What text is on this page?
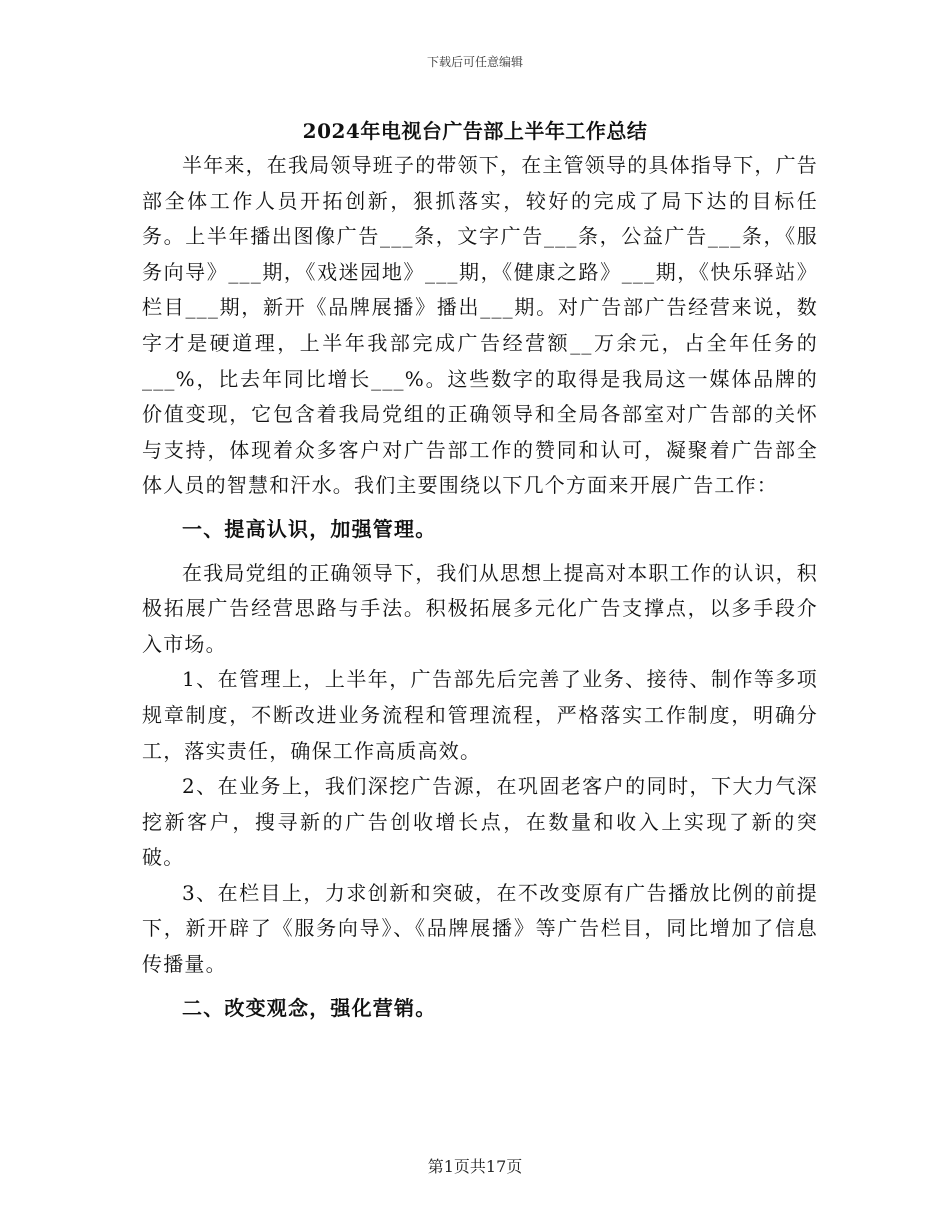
下载后可任意编辑
2024年电视台广告部上半年工作总结

半年来，在我局领导班子的带领下，在主管领导的具体指导下，广告部全体工作人员开拓创新，狠抓落实，较好的完成了局下达的目标任务。上半年播出图像广告___条，文字广告___条，公益广告___条，《服务向导》___期，《戏迷园地》___期，《健康之路》___期，《快乐驿站》栏目___期，新开《品牌展播》播出___期。对广告部广告经营来说，数字才是硬道理，上半年我部完成广告经营额__万余元，占全年任务的___%，比去年同比增长___%。这些数字的取得是我局这一媒体品牌的价值变现，它包含着我局党组的正确领导和全局各部室对广告部的关怀与支持，体现着众多客户对广告部工作的赞同和认可，凝聚着广告部全体人员的智慧和汗水。我们主要围绕以下几个方面来开展广告工作：

一、提高认识，加强管理。

在我局党组的正确领导下，我们从思想上提高对本职工作的认识，积极拓展广告经营思路与手法。积极拓展多元化广告支撑点，以多手段介入市场。

1、在管理上，上半年，广告部先后完善了业务、接待、制作等多项规章制度，不断改进业务流程和管理流程，严格落实工作制度，明确分工，落实责任，确保工作高质高效。

2、在业务上，我们深挖广告源，在巩固老客户的同时，下大力气深挖新客户，搜寻新的广告创收增长点，在数量和收入上实现了新的突破。

3、在栏目上，力求创新和突破，在不改变原有广告播放比例的前提下，新开辟了《服务向导》、《品牌展播》等广告栏目，同比增加了信息传播量。

二、改变观念，强化营销。

第1页共17页
